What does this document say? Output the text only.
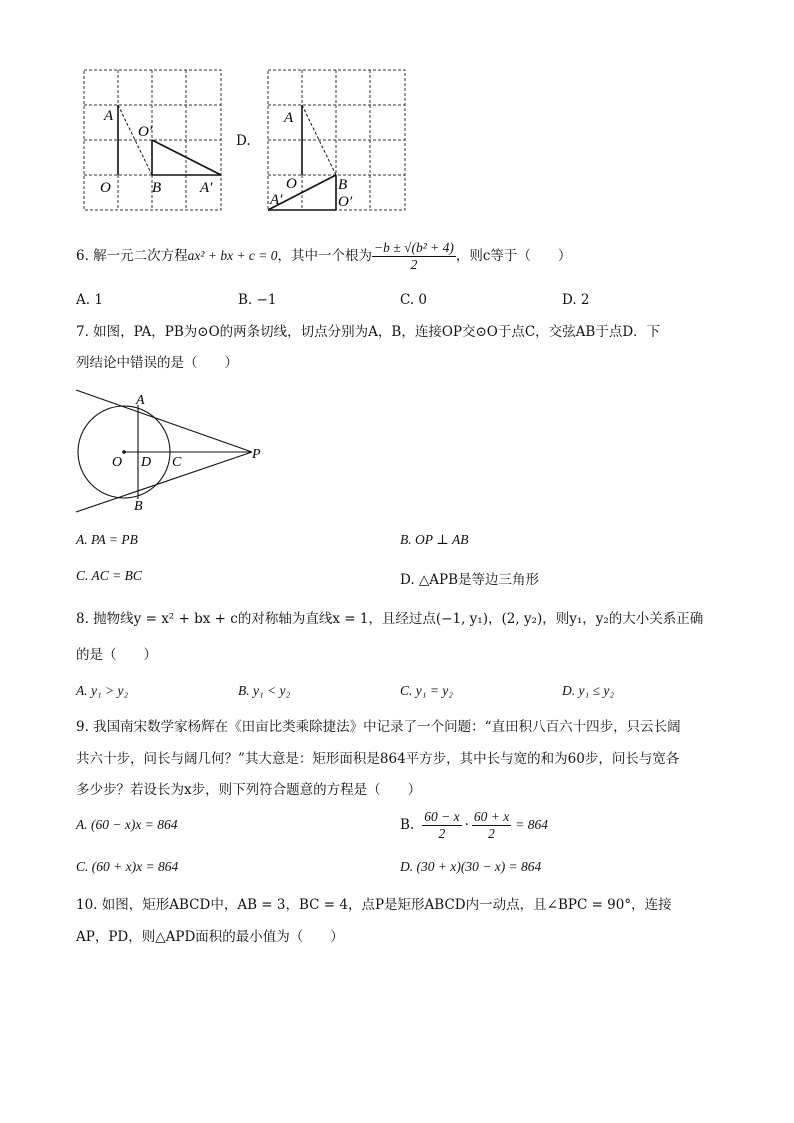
A
O′
O	B	A′
D.
A
O	B
A′	O′
6. 解一元二次方程 ax² + bx + c = 0 ，其中一个根为 $\frac{\text{−b ± √(b² + 4)}}{2}$ ，则c等于（　　）
A. 1	B. −1	C. 0	D. 2
7. 如图，PA，PB为⊙O的两条切线，切点分别为A，B，连接OP交⊙O于点C，交弦AB于点D．下
列结论中错误的是（　　）
A
O D C
P
B
A. PA = PB	B. OP ⊥ AB
C. AC = BC	D. △APB是等边三角形
8. 抛物线y = x² + bx + c的对称轴为直线x = 1，且经过点(−1, y₁)，(2, y₂)，则y₁，y₂的大小关系正确
的是（　　）
A. y₁ > y₂	B. y₁ < y₂	C. y₁ = y₂	D. y₁ ≤ y₂
9. 我国南宋数学家杨辉在《田亩比类乘除捷法》中记录了一个问题：“直田积八百六十四步，只云长阔
共六十步，问长与阔几何？”其大意是：矩形面积是864平方步，其中长与宽的和为60步，问长与宽各
多少步？若设长为x步，则下列符合题意的方程是（　　）
A. (60 − x)x = 864	B. $\frac{60 - x}{2} \cdot \frac{60 + x}{2} = 864$
C. (60 + x)x = 864	D. (30 + x)(30 − x) = 864
10. 如图，矩形ABCD中，AB = 3，BC = 4，点P是矩形ABCD内一动点，且∠BPC = 90°，连接
AP，PD，则△APD面积的最小值为（　　）
